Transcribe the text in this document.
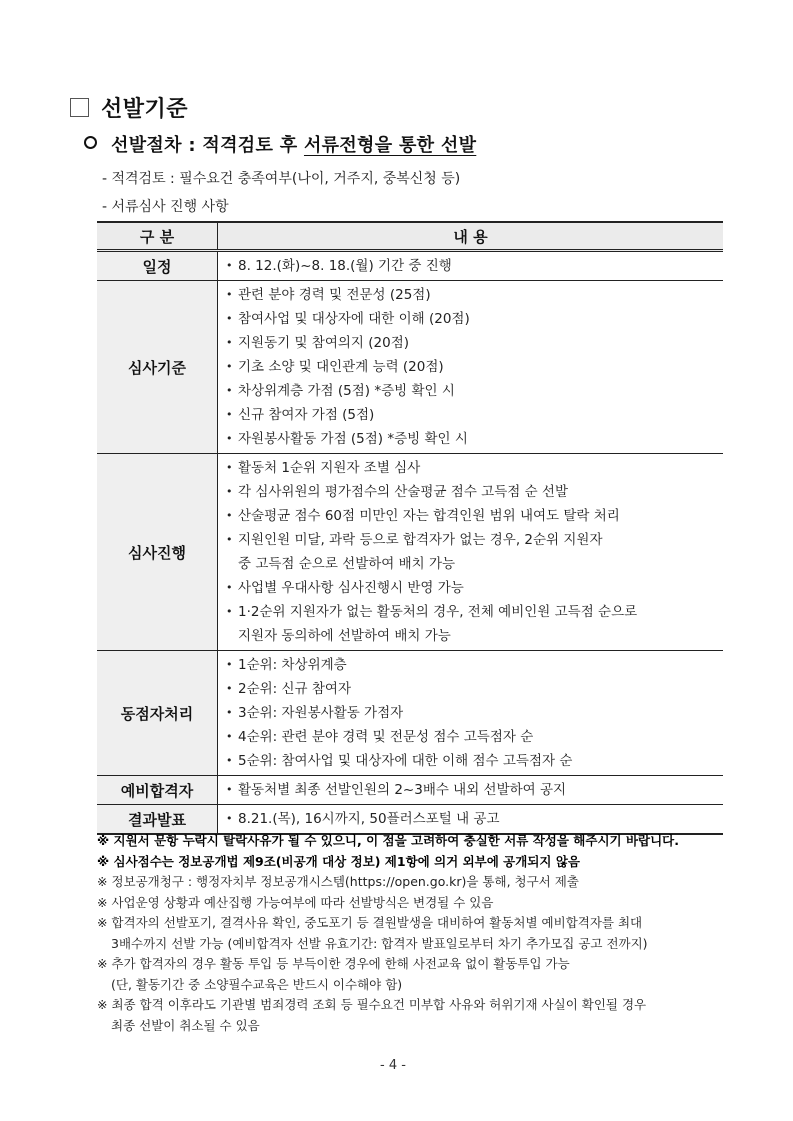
선발기준
선발절차 : 적격검토 후 서류전형을 통한 선발
- 적격검토 : 필수요건 충족여부(나이, 거주지, 중복신청 등)
- 서류심사 진행 사항
구 분	내 용
일정	
•8. 12.(화)~8. 18.(월) 기간 중 진행

심사기준	
• 관련 분야 경력 및 전문성 (25점)
• 참여사업 및 대상자에 대한 이해 (20점)
• 지원동기 및 참여의지 (20점)
• 기초 소양 및 대인관계 능력 (20점)
• 차상위계층 가점 (5점) *증빙 확인 시
• 신규 참여자 가점 (5점)
• 자원봉사활동 가점 (5점) *증빙 확인 시

심사진행	
• 활동처 1순위 지원자 조별 심사
• 각 심사위원의 평가점수의 산술평균 점수 고득점 순 선발
• 산술평균 점수 60점 미만인 자는 합격인원 범위 내여도 탈락 처리
• 지원인원 미달, 과락 등으로 합격자가 없는 경우, 2순위 지원자
중 고득점 순으로 선발하여 배치 가능
• 사업별 우대사항 심사진행시 반영 가능
• 1·2순위 지원자가 없는 활동처의 경우, 전체 예비인원 고득점 순으로
지원자 동의하에 선발하여 배치 가능

동점자처리	
• 1순위: 차상위계층
• 2순위: 신규 참여자
• 3순위: 자원봉사활동 가점자
• 4순위: 관련 분야 경력 및 전문성 점수 고득점자 순
• 5순위: 참여사업 및 대상자에 대한 이해 점수 고득점자 순

예비합격자	
•활동처별 최종 선발인원의 2~3배수 내외 선발하여 공지

결과발표	
•8.21.(목), 16시까지, 50플러스포털 내 공고
※ 지원서 문항 누락시 탈락사유가 될 수 있으니, 이 점을 고려하여 충실한 서류 작성을 해주시기 바랍니다.
※ 심사점수는 정보공개법 제9조(비공개 대상 정보) 제1항에 의거 외부에 공개되지 않음
※ 정보공개청구 : 행정자치부 정보공개시스템(https://open.go.kr)을 통해, 청구서 제출
※ 사업운영 상황과 예산집행 가능여부에 따라 선발방식은 변경될 수 있음
※ 합격자의 선발포기, 결격사유 확인, 중도포기 등 결원발생을 대비하여 활동처별 예비합격자를 최대
3배수까지 선발 가능 (예비합격자 선발 유효기간: 합격자 발표일로부터 차기 추가모집 공고 전까지)
※ 추가 합격자의 경우 활동 투입 등 부득이한 경우에 한해 사전교육 없이 활동투입 가능
(단, 활동기간 중 소양필수교육은 반드시 이수해야 함)
※ 최종 합격 이후라도 기관별 범죄경력 조회 등 필수요건 미부합 사유와 허위기재 사실이 확인될 경우
최종 선발이 취소될 수 있음
- 4 -
